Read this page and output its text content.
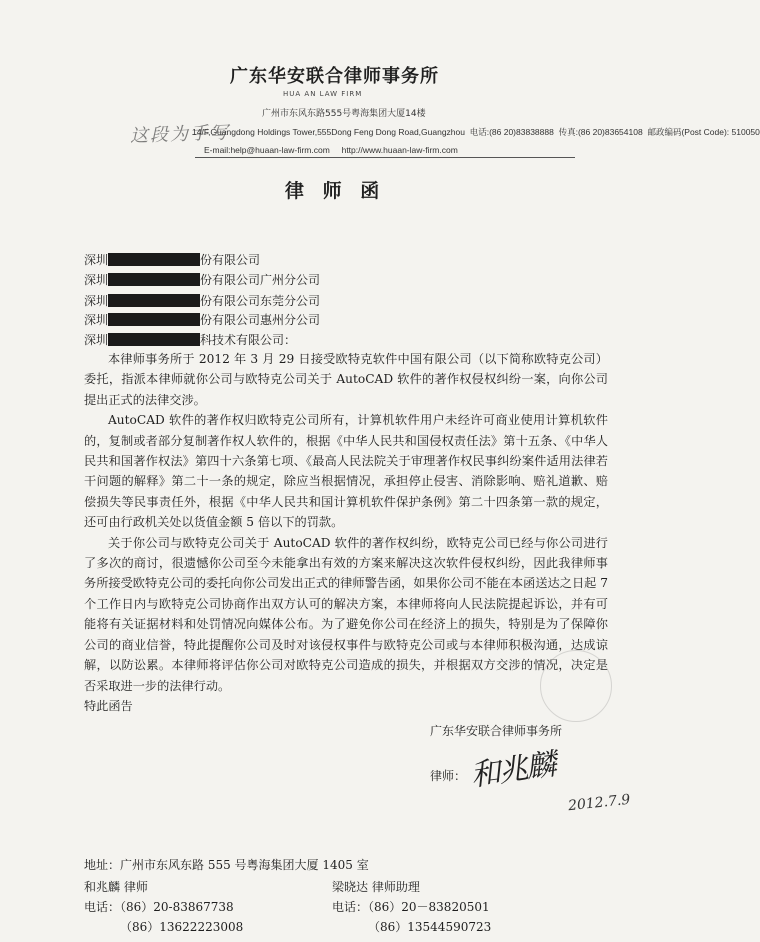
广东华安联合律师事务所
HUA AN LAW FIRM
广州市东风东路555号粤海集团大厦14楼
这段为手写
14/F,Guangdong Holdings Tower,555Dong Feng Dong Road,Guangzhou 电话:(86 20)83838888 传真:(86 20)83654108 邮政编码(Post Code): 510050
E-mail:help@huaan-law-firm.com http://www.huaan-law-firm.com
律 师 函
深圳	份有限公司
深圳	份有限公司广州分公司
深圳	份有限公司东莞分公司
深圳	份有限公司惠州分公司
深圳	科技术有限公司：

本律师事务所于 2012 年 3 月 29 日接受欧特克软件中国有限公司（以下简称欧特克公司）委托，指派本律师就你公司与欧特克公司关于 AutoCAD 软件的著作权侵权纠纷一案，向你公司提出正式的法律交涉。

AutoCAD 软件的著作权归欧特克公司所有，计算机软件用户未经许可商业使用计算机软件的，复制或者部分复制著作权人软件的，根据《中华人民共和国侵权责任法》第十五条、《中华人民共和国著作权法》第四十六条第七项、《最高人民法院关于审理著作权民事纠纷案件适用法律若干问题的解释》第二十一条的规定，除应当根据情况，承担停止侵害、消除影响、赔礼道歉、赔偿损失等民事责任外，根据《中华人民共和国计算机软件保护条例》第二十四条第一款的规定，还可由行政机关处以货值金额 5 倍以下的罚款。

关于你公司与欧特克公司关于 AutoCAD 软件的著作权纠纷，欧特克公司已经与你公司进行了多次的商讨，很遗憾你公司至今未能拿出有效的方案来解决这次软件侵权纠纷，因此我律师事务所接受欧特克公司的委托向你公司发出正式的律师警告函，如果你公司不能在本函送达之日起 7 个工作日内与欧特克公司协商作出双方认可的解决方案，本律师将向人民法院提起诉讼，并有可能将有关证据材料和处罚情况向媒体公布。为了避免你公司在经济上的损失，特别是为了保障你公司的商业信誉，特此提醒你公司及时对该侵权事件与欧特克公司或与本律师积极沟通，达成谅解，以防讼累。本律师将评估你公司对欧特克公司造成的损失，并根据双方交涉的情况，决定是否采取进一步的法律行动。

特此函告

广东华安联合律师事务所
和兆麟
律师：
2012.7.9
地址：广州市东风东路 555 号粤海集团大厦 1405 室
和兆麟 律师	梁晓达 律师助理
电话：（86）20-83867738	电话：（86）20－83820501
（86）13622223008	（86）13544590723
